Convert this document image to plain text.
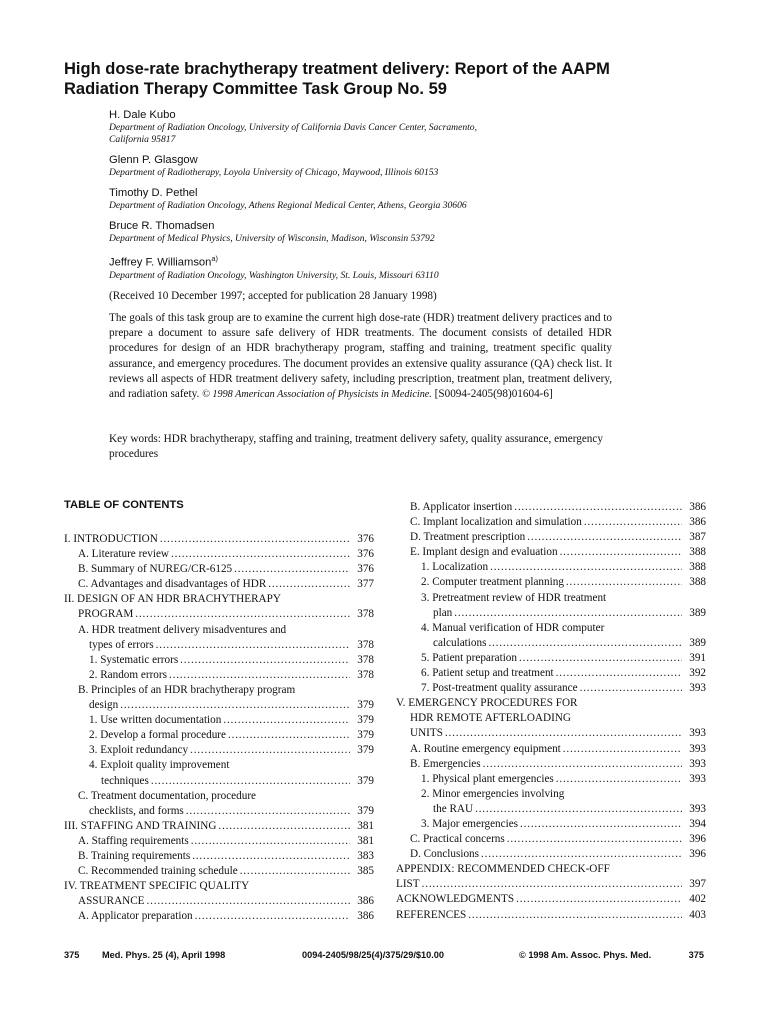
High dose-rate brachytherapy treatment delivery: Report of the AAPM
Radiation Therapy Committee Task Group No. 59
H. Dale Kubo
Department of Radiation Oncology, University of California Davis Cancer Center, Sacramento,
California 95817
Glenn P. Glasgow
Department of Radiotherapy, Loyola University of Chicago, Maywood, Illinois 60153
Timothy D. Pethel
Department of Radiation Oncology, Athens Regional Medical Center, Athens, Georgia 30606
Bruce R. Thomadsen
Department of Medical Physics, University of Wisconsin, Madison, Wisconsin 53792
Jeffrey F. Williamson$^{a)}$
Department of Radiation Oncology, Washington University, St. Louis, Missouri 63110
(Received 10 December 1997; accepted for publication 28 January 1998)
The goals of this task group are to examine the current high dose-rate (HDR) treatment delivery practices and to prepare a document to assure safe delivery of HDR treatments. The document consists of detailed HDR procedures for design of an HDR brachytherapy program, staffing and training, treatment specific quality assurance, and emergency procedures. The document provides an extensive quality assurance (QA) check list. It reviews all aspects of HDR treatment delivery safety, including prescription, treatment plan, treatment delivery, and radiation safety. © 1998 American Association of Physicists in Medicine. [S0094-2405(98)01604-6]
Key words: HDR brachytherapy, staffing and training, treatment delivery safety, quality assurance, emergency procedures
TABLE OF CONTENTS
I. INTRODUCTION . . .	376
A. Literature review . . .	376
B. Summary of NUREG/CR-6125 . . .	376
C. Advantages and disadvantages of HDR . . .	377
II. DESIGN OF AN HDR BRACHYTHERAPY
PROGRAM . . .	378
A. HDR treatment delivery misadventures and
types of errors . . .	378
1. Systematic errors . . .	378
2. Random errors . . .	378
B. Principles of an HDR brachytherapy program
design . . .	379
1. Use written documentation . . .	379
2. Develop a formal procedure . . .	379
3. Exploit redundancy . . .	379
4. Exploit quality improvement
techniques . . .	379
C. Treatment documentation, procedure
checklists, and forms . . .	379
III. STAFFING AND TRAINING . . .	381
A. Staffing requirements . . .	381
B. Training requirements . . .	383
C. Recommended training schedule . . .	385
IV. TREATMENT SPECIFIC QUALITY
ASSURANCE . . .	386
A. Applicator preparation . . .	386
B. Applicator insertion . . .	386
C. Implant localization and simulation . . .	386
D. Treatment prescription . . .	387
E. Implant design and evaluation . . .	388
1. Localization . . .	388
2. Computer treatment planning . . .	388
3. Pretreatment review of HDR treatment
plan . . .	389
4. Manual verification of HDR computer
calculations . . .	389
5. Patient preparation . . .	391
6. Patient setup and treatment . . .	392
7. Post-treatment quality assurance . . .	393
V. EMERGENCY PROCEDURES FOR
HDR REMOTE AFTERLOADING
UNITS . . .	393
A. Routine emergency equipment . . .	393
B. Emergencies . . .	393
1. Physical plant emergencies . . .	393
2. Minor emergencies involving
the RAU . . .	393
3. Major emergencies . . .	394
C. Practical concerns . . .	396
D. Conclusions . . .	396
APPENDIX: RECOMMENDED CHECK-OFF
LIST . . .	397
ACKNOWLEDGMENTS . . .	402
REFERENCES . . .	403
375 Med. Phys. 25 (4), April 1998	0094-2405/98/25(4)/375/29/$10.00	© 1998 Am. Assoc. Phys. Med.	375
